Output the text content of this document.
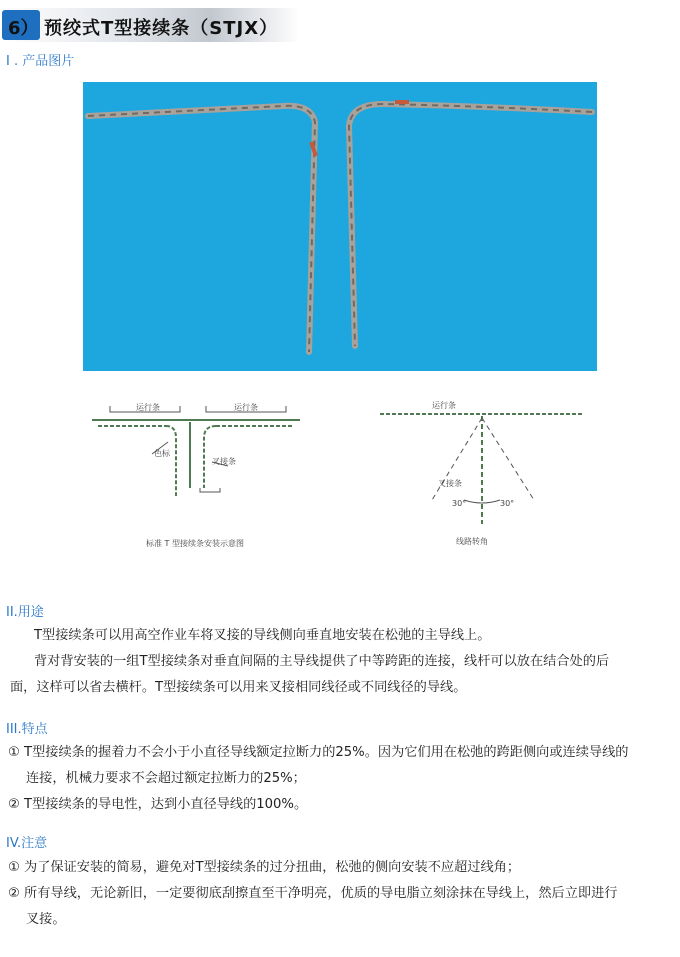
6） 预绞式T型接续条（STJX）
I . 产品图片
运行条	运行条
色标
叉接条
标准 T 型接续条安装示意图
运行条
叉接条
30°	30°
线路转角
II.用途
T型接续条可以用高空作业车将叉接的导线侧向垂直地安装在松弛的主导线上。
背对背安装的一组T型接续条对垂直间隔的主导线提供了中等跨距的连接，线杆可以放在结合处的后
面，这样可以省去横杆。T型接续条可以用来叉接相同线径或不同线径的导线。
III.特点
① T型接续条的握着力不会小于小直径导线额定拉断力的25%。因为它们用在松弛的跨距侧向或连续导线的
连接，机械力要求不会超过额定拉断力的25%；
② T型接续条的导电性，达到小直径导线的100%。
IV.注意
① 为了保证安装的简易，避免对T型接续条的过分扭曲，松弛的侧向安装不应超过线角；
② 所有导线，无论新旧，一定要彻底刮擦直至干净明亮，优质的导电脂立刻涂抹在导线上，然后立即进行
叉接。
